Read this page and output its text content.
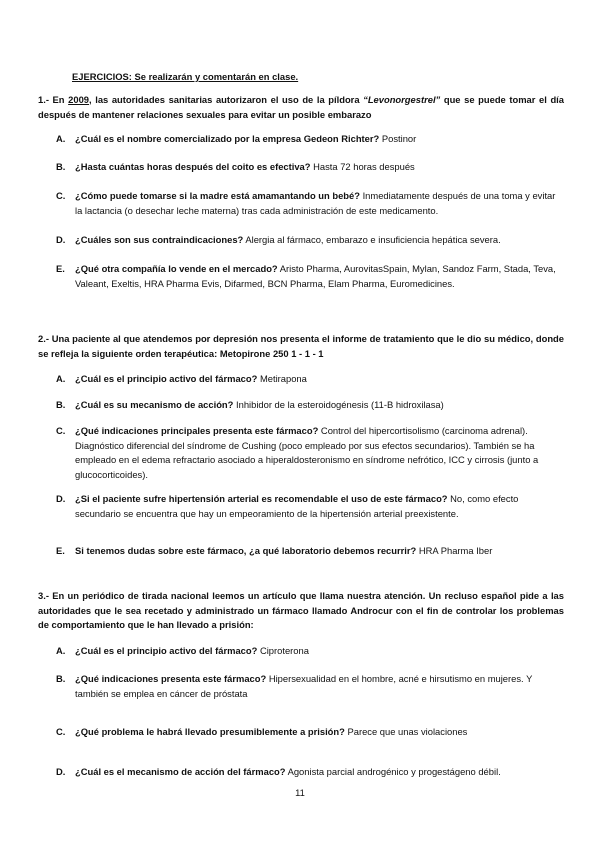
EJERCICIOS: Se realizarán y comentarán en clase.
1.- En 2009, las autoridades sanitarias autorizaron el uso de la píldora “Levonorgestrel” que se puede tomar el día después de mantener relaciones sexuales para evitar un posible embarazo
A. ¿Cuál es el nombre comercializado por la empresa Gedeon Richter? Postinor
B. ¿Hasta cuántas horas después del coito es efectiva? Hasta 72 horas después
C. ¿Cómo puede tomarse si la madre está amamantando un bebé? Inmediatamente después de una toma y evitar la lactancia (o desechar leche materna) tras cada administración de este medicamento.
D. ¿Cuáles son sus contraindicaciones? Alergia al fármaco, embarazo e insuficiencia hepática severa.
E. ¿Qué otra compañía lo vende en el mercado? Aristo Pharma, AurovitasSpain, Mylan, Sandoz Farm, Stada, Teva, Valeant, Exeltis, HRA Pharma Evis, Difarmed, BCN Pharma, Elam Pharma, Euromedicines.
2.- Una paciente al que atendemos por depresión nos presenta el informe de tratamiento que le dio su médico, donde se refleja la siguiente orden terapéutica: Metopirone 250 1 - 1 - 1
A. ¿Cuál es el principio activo del fármaco? Metirapona
B. ¿Cuál es su mecanismo de acción? Inhibidor de la esteroidogénesis (11-B hidroxilasa)
C. ¿Qué indicaciones principales presenta este fármaco? Control del hipercortisolismo (carcinoma adrenal). Diagnóstico diferencial del síndrome de Cushing (poco empleado por sus efectos secundarios). También se ha empleado en el edema refractario asociado a hiperaldosteronismo en síndrome nefrótico, ICC y cirrosis (junto a glucocorticoides).
D. ¿Si el paciente sufre hipertensión arterial es recomendable el uso de este fármaco? No, como efecto secundario se encuentra que hay un empeoramiento de la hipertensión arterial preexistente.
E. Si tenemos dudas sobre este fármaco, ¿a qué laboratorio debemos recurrir? HRA Pharma Iber
3.- En un periódico de tirada nacional leemos un artículo que llama nuestra atención. Un recluso español pide a las autoridades que le sea recetado y administrado un fármaco llamado Androcur con el fin de controlar los problemas de comportamiento que le han llevado a prisión:
A. ¿Cuál es el principio activo del fármaco? Ciproterona
B. ¿Qué indicaciones presenta este fármaco? Hipersexualidad en el hombre, acné e hirsutismo en mujeres. Y también se emplea en cáncer de próstata
C. ¿Qué problema le habrá llevado presumiblemente a prisión? Parece que unas violaciones
D. ¿Cuál es el mecanismo de acción del fármaco? Agonista parcial androgénico y progestágeno débil.
11
